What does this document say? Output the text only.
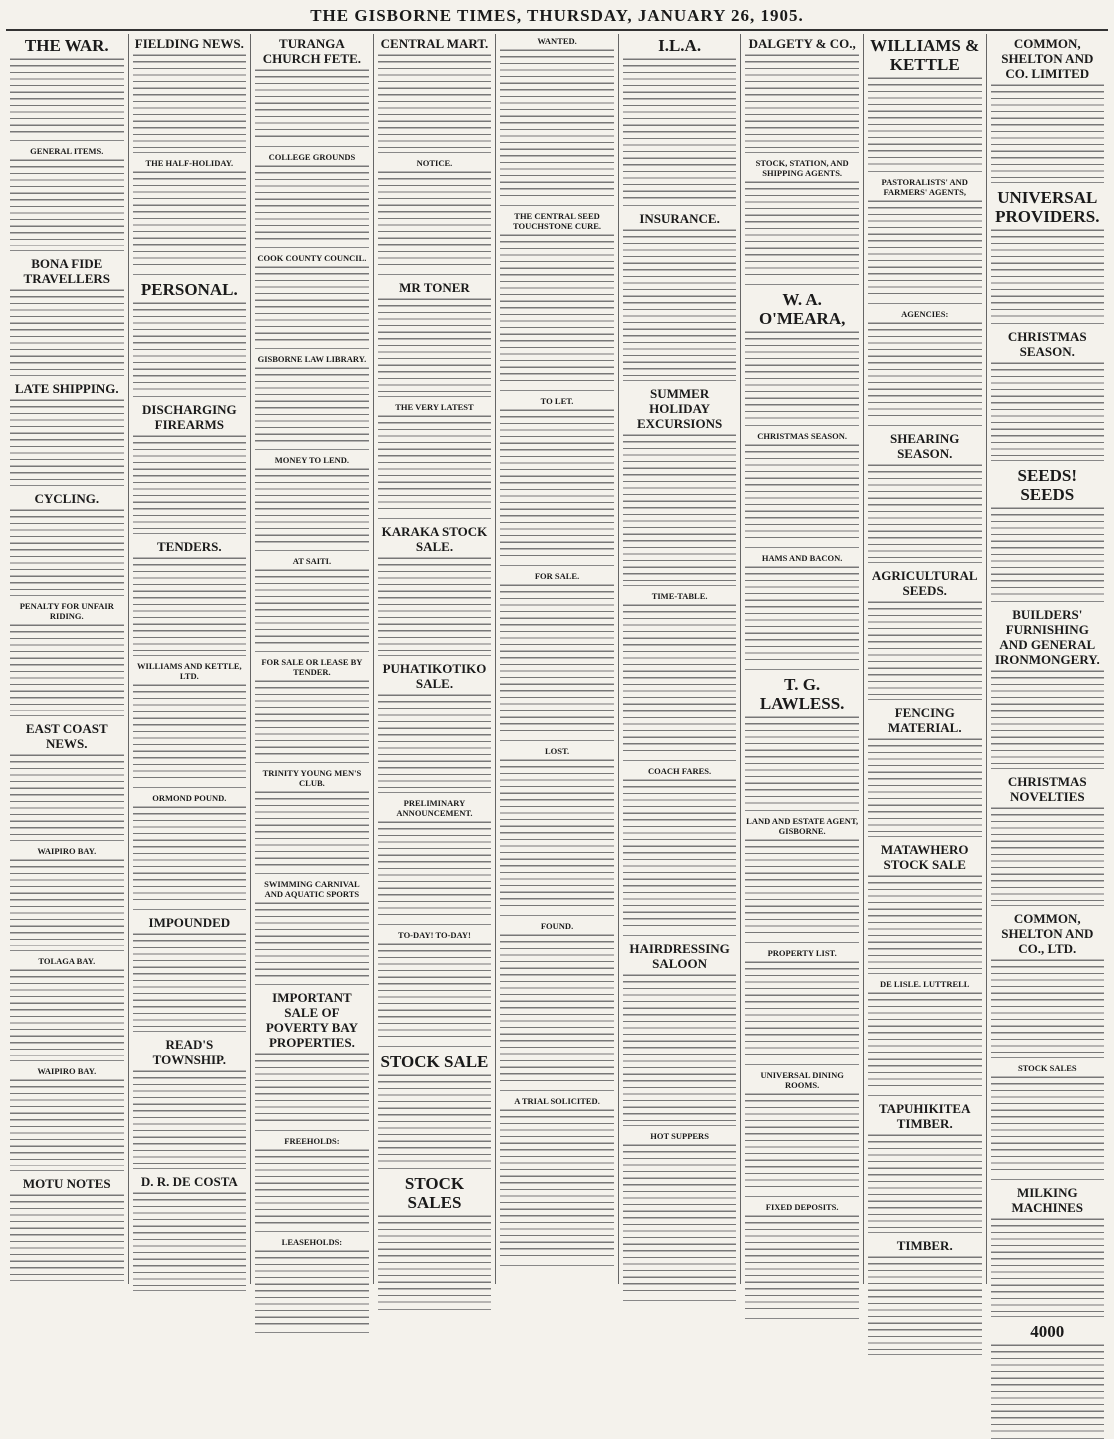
THE GISBORNE TIMES, THURSDAY, JANUARY 26, 1905.
THE WAR.
GENERAL ITEMS.
BONA FIDE TRAVELLERS
LATE SHIPPING.
CYCLING.
PENALTY FOR UNFAIR RIDING.
EAST COAST NEWS.
WAIPIRO BAY.
TOLAGA BAY.
WAIPIRO BAY.
MOTU NOTES
FIELDING NEWS.
THE HALF-HOLIDAY.
PERSONAL.
DISCHARGING FIREARMS
TENDERS.
WILLIAMS AND KETTLE, LTD.
ORMOND POUND.
IMPOUNDED
READ'S TOWNSHIP.
D. R. DE COSTA
TURANGA CHURCH FETE.
COLLEGE GROUNDS
COOK COUNTY COUNCIL.
GISBORNE LAW LIBRARY.
MONEY TO LEND.
AT SAITI.
FOR SALE OR LEASE BY TENDER.
TRINITY YOUNG MEN'S CLUB.
SWIMMING CARNIVAL AND AQUATIC SPORTS
IMPORTANT SALE OF POVERTY BAY PROPERTIES.
FREEHOLDS:
LEASEHOLDS:
CENTRAL MART.
NOTICE.
MR TONER
THE VERY LATEST
KARAKA STOCK SALE.
PUHATIKOTIKO SALE.
PRELIMINARY ANNOUNCEMENT.
TO-DAY! TO-DAY!
STOCK SALE
STOCK SALES
WANTED.
THE CENTRAL SEED TOUCHSTONE CURE.
TO LET.
FOR SALE.
LOST.
FOUND.
A TRIAL SOLICITED.
I.L.A.
INSURANCE.
SUMMER HOLIDAY EXCURSIONS
TIME-TABLE.
COACH FARES.
HAIRDRESSING SALOON
HOT SUPPERS
DALGETY & CO.,
STOCK, STATION, AND SHIPPING AGENTS.
W. A. O'MEARA,
CHRISTMAS SEASON.
HAMS AND BACON.
T. G. LAWLESS.
LAND AND ESTATE AGENT, GISBORNE.
PROPERTY LIST.
UNIVERSAL DINING ROOMS.
FIXED DEPOSITS.
WILLIAMS & KETTLE
PASTORALISTS' AND FARMERS' AGENTS,
AGENCIES:
SHEARING SEASON.
AGRICULTURAL SEEDS.
FENCING MATERIAL.
MATAWHERO STOCK SALE
DE LISLE. LUTTRELL
TAPUHIKITEA TIMBER.
TIMBER.
COMMON, SHELTON AND CO. LIMITED
UNIVERSAL PROVIDERS.
CHRISTMAS SEASON.
SEEDS! SEEDS
BUILDERS' FURNISHING AND GENERAL IRONMONGERY.
CHRISTMAS NOVELTIES
COMMON, SHELTON AND CO., LTD.
STOCK SALES
MILKING MACHINES
4000
